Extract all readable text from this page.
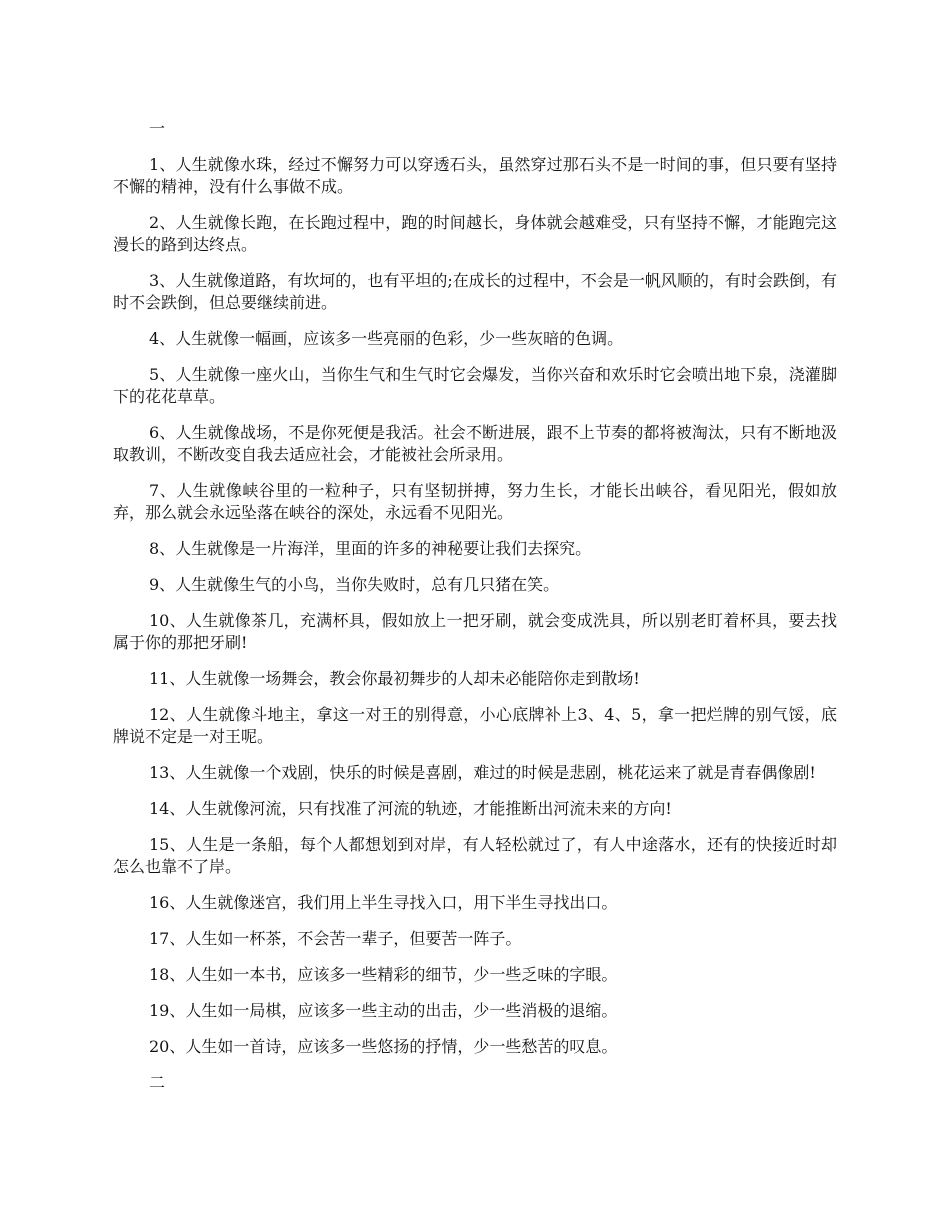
一

1、人生就像水珠，经过不懈努力可以穿透石头，虽然穿过那石头不是一时间的事，但只要有坚持不懈的精神，没有什么事做不成。

2、人生就像长跑，在长跑过程中，跑的时间越长，身体就会越难受，只有坚持不懈，才能跑完这漫长的路到达终点。

3、人生就像道路，有坎坷的，也有平坦的;在成长的过程中，不会是一帆风顺的，有时会跌倒，有时不会跌倒，但总要继续前进。

4、人生就像一幅画，应该多一些亮丽的色彩，少一些灰暗的色调。

5、人生就像一座火山，当你生气和生气时它会爆发，当你兴奋和欢乐时它会喷出地下泉，浇灌脚下的花花草草。

6、人生就像战场，不是你死便是我活。社会不断进展，跟不上节奏的都将被淘汰，只有不断地汲取教训，不断改变自我去适应社会，才能被社会所录用。

7、人生就像峡谷里的一粒种子，只有坚韧拼搏，努力生长，才能长出峡谷，看见阳光，假如放弃，那么就会永远坠落在峡谷的深处，永远看不见阳光。

8、人生就像是一片海洋，里面的许多的神秘要让我们去探究。

9、人生就像生气的小鸟，当你失败时，总有几只猪在笑。

10、人生就像茶几，充满杯具，假如放上一把牙刷，就会变成洗具，所以别老盯着杯具，要去找属于你的那把牙刷!

11、人生就像一场舞会，教会你最初舞步的人却未必能陪你走到散场!

12、人生就像斗地主，拿这一对王的别得意，小心底牌补上3、4、5，拿一把烂牌的别气馁，底牌说不定是一对王呢。

13、人生就像一个戏剧，快乐的时候是喜剧，难过的时候是悲剧，桃花运来了就是青春偶像剧!

14、人生就像河流，只有找准了河流的轨迹，才能推断出河流未来的方向!

15、人生是一条船，每个人都想划到对岸，有人轻松就过了，有人中途落水，还有的快接近时却怎么也靠不了岸。

16、人生就像迷宫，我们用上半生寻找入口，用下半生寻找出口。

17、人生如一杯茶，不会苦一辈子，但要苦一阵子。

18、人生如一本书，应该多一些精彩的细节，少一些乏味的字眼。

19、人生如一局棋，应该多一些主动的出击，少一些消极的退缩。

20、人生如一首诗，应该多一些悠扬的抒情，少一些愁苦的叹息。

二
